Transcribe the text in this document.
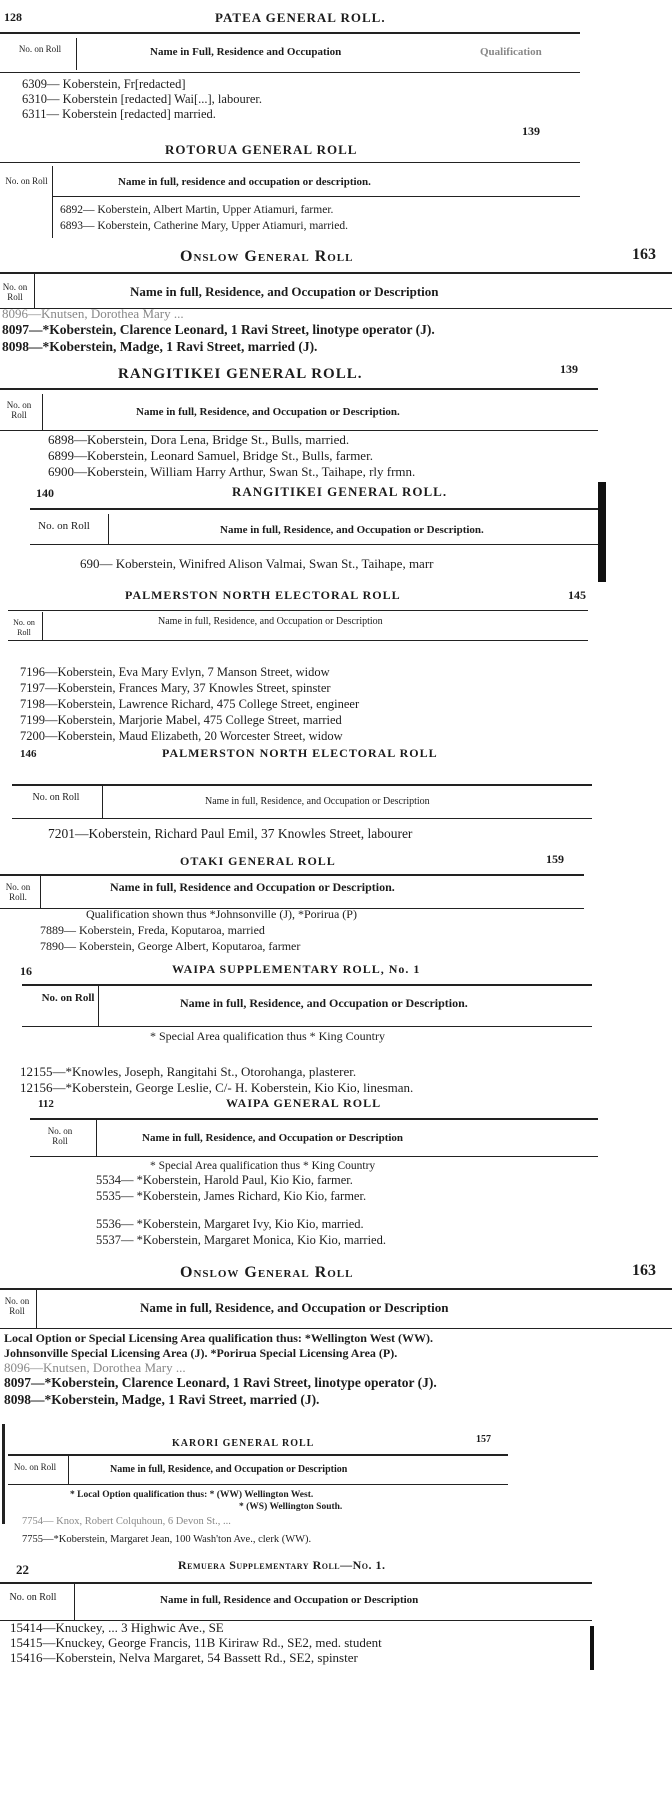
128	PATEA GENERAL ROLL.
No. on Roll	Name in Full, Residence and Occupation	Qualification
6309— Koberstein, Fr[redacted]
6310— Koberstein [redacted] Wai[...], labourer.
6311— Koberstein [redacted] married.
139
ROTORUA GENERAL ROLL
No. on Roll	Name in full, residence and occupation or description.
6892— Koberstein, Albert Martin, Upper Atiamuri, farmer.
6893— Koberstein, Catherine Mary, Upper Atiamuri, married.
Onslow General Roll	163
No. on Roll	Name in full, Residence, and Occupation or Description
8096—Knutsen, Dorothea Mary ...
8097—*Koberstein, Clarence Leonard, 1 Ravi Street, linotype operator (J).
8098—*Koberstein, Madge, 1 Ravi Street, married (J).
RANGITIKEI GENERAL ROLL.	139
No. on Roll	Name in full, Residence, and Occupation or Description.
6898—Koberstein, Dora Lena, Bridge St., Bulls, married.
6899—Koberstein, Leonard Samuel, Bridge St., Bulls, farmer.
6900—Koberstein, William Harry Arthur, Swan St., Taihape, rly frmn.
140	RANGITIKEI GENERAL ROLL.
No. on Roll	Name in full, Residence, and Occupation or Description.
690— Koberstein, Winifred Alison Valmai, Swan St., Taihape, marr
PALMERSTON NORTH ELECTORAL ROLL	145
No. on Roll
Name in full, Residence, and Occupation or Description
7196—Koberstein, Eva Mary Evlyn, 7 Manson Street, widow
7197—Koberstein, Frances Mary, 37 Knowles Street, spinster
7198—Koberstein, Lawrence Richard, 475 College Street, engineer
7199—Koberstein, Marjorie Mabel, 475 College Street, married
7200—Koberstein, Maud Elizabeth, 20 Worcester Street, widow
146	PALMERSTON NORTH ELECTORAL ROLL
No. on Roll	Name in full, Residence, and Occupation or Description
7201—Koberstein, Richard Paul Emil, 37 Knowles Street, labourer
OTAKI GENERAL ROLL	159
No. on Roll.
Name in full, Residence and Occupation or Description.
Qualification shown thus *Johnsonville (J), *Porirua (P)
7889— Koberstein, Freda, Koputaroa, married
7890— Koberstein, George Albert, Koputaroa, farmer
16	WAIPA SUPPLEMENTARY ROLL, No. 1
No. on Roll	Name in full, Residence, and Occupation or Description.
* Special Area qualification thus * King Country
12155—*Knowles, Joseph, Rangitahi St., Otorohanga, plasterer.
12156—*Koberstein, George Leslie, C/- H. Koberstein, Kio Kio, linesman.
112	WAIPA GENERAL ROLL
No. on Roll	Name in full, Residence, and Occupation or Description
* Special Area qualification thus * King Country
5534— *Koberstein, Harold Paul, Kio Kio, farmer.
5535— *Koberstein, James Richard, Kio Kio, farmer.
5536— *Koberstein, Margaret Ivy, Kio Kio, married.
5537— *Koberstein, Margaret Monica, Kio Kio, married.
Onslow General Roll	163
No. on Roll	Name in full, Residence, and Occupation or Description
Local Option or Special Licensing Area qualification thus: *Wellington West (WW).
Johnsonville Special Licensing Area (J). *Porirua Special Licensing Area (P).
8096—Knutsen, Dorothea Mary ...
8097—*Koberstein, Clarence Leonard, 1 Ravi Street, linotype operator (J).
8098—*Koberstein, Madge, 1 Ravi Street, married (J).
KARORI GENERAL ROLL	157
No. on Roll	Name in full, Residence, and Occupation or Description
* Local Option qualification thus: * (WW) Wellington West.
* (WS) Wellington South.
7754— Knox, Robert Colquhoun, 6 Devon St., ...
7755—*Koberstein, Margaret Jean, 100 Wash'ton Ave., clerk (WW).
22	Remuera Supplementary Roll—No. 1.
No. on Roll	Name in full, Residence and Occupation or Description
15414—Knuckey, ... 3 Highwic Ave., SE
15415—Knuckey, George Francis, 11B Kiriraw Rd., SE2, med. student
15416—Koberstein, Nelva Margaret, 54 Bassett Rd., SE2, spinster
